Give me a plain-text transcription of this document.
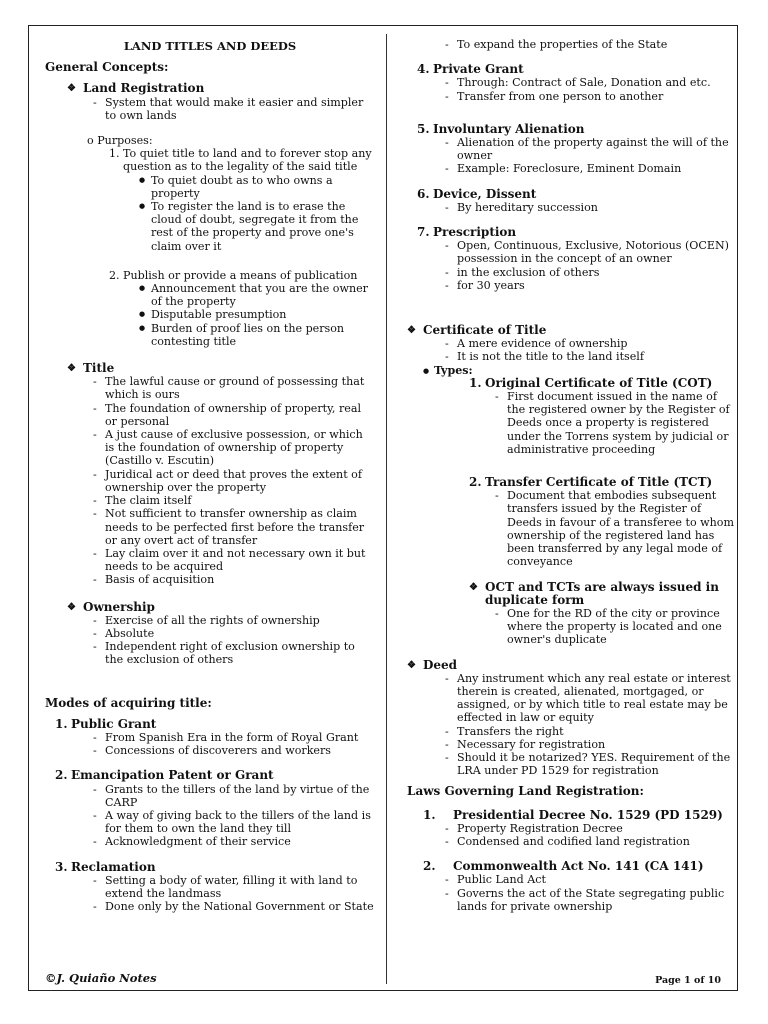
LAND TITLES AND DEEDS
General Concepts:
❖ Land Registration
- System that would make it easier and simpler to own lands
o Purposes:
1. To quiet title to land and to forever stop any question as to the legality of the said title
● To quiet doubt as to who owns a property
● To register the land is to erase the cloud of doubt, segregate it from the rest of the property and prove one's claim over it
2. Publish or provide a means of publication
● Announcement that you are the owner of the property
● Disputable presumption
● Burden of proof lies on the person contesting title
❖ Title
- The lawful cause or ground of possessing that which is ours
- The foundation of ownership of property, real or personal
- A just cause of exclusive possession, or which is the foundation of ownership of property (Castillo v. Escutin)
- Juridical act or deed that proves the extent of ownership over the property
- The claim itself
- Not sufficient to transfer ownership as claim needs to be perfected first before the transfer or any overt act of transfer
- Lay claim over it and not necessary own it but needs to be acquired
- Basis of acquisition
❖ Ownership
- Exercise of all the rights of ownership
- Absolute
- Independent right of exclusion ownership to the exclusion of others
Modes of acquiring title:
1. Public Grant
- From Spanish Era in the form of Royal Grant
- Concessions of discoverers and workers
2. Emancipation Patent or Grant
- Grants to the tillers of the land by virtue of the CARP
- A way of giving back to the tillers of the land is for them to own the land they till
- Acknowledgment of their service
3. Reclamation
- Setting a body of water, filling it with land to extend the landmass
- Done only by the National Government or State
- To expand the properties of the State
4. Private Grant
- Through: Contract of Sale, Donation and etc.
- Transfer from one person to another
5. Involuntary Alienation
- Alienation of the property against the will of the owner
- Example: Foreclosure, Eminent Domain
6. Device, Dissent
- By hereditary succession
7. Prescription
- Open, Continuous, Exclusive, Notorious (OCEN) possession in the concept of an owner
- in the exclusion of others
- for 30 years
❖ Certificate of Title
- A mere evidence of ownership
- It is not the title to the land itself
● Types:
1. Original Certificate of Title (COT)
- First document issued in the name of the registered owner by the Register of Deeds once a property is registered under the Torrens system by judicial or administrative proceeding
2. Transfer Certificate of Title (TCT)
- Document that embodies subsequent transfers issued by the Register of Deeds in favour of a transferee to whom ownership of the registered land has been transferred by any legal mode of conveyance
❖ OCT and TCTs are always issued in duplicate form
- One for the RD of the city or province where the property is located and one owner's duplicate
❖ Deed
- Any instrument which any real estate or interest therein is created, alienated, mortgaged, or assigned, or by which title to real estate may be effected in law or equity
- Transfers the right
- Necessary for registration
- Should it be notarized? YES. Requirement of the LRA under PD 1529 for registration
Laws Governing Land Registration:
1. Presidential Decree No. 1529 (PD 1529)
- Property Registration Decree
- Condensed and codified land registration
2. Commonwealth Act No. 141 (CA 141)
- Public Land Act
- Governs the act of the State segregating public lands for private ownership
©J. Quiaño Notes	Page 1 of 10
